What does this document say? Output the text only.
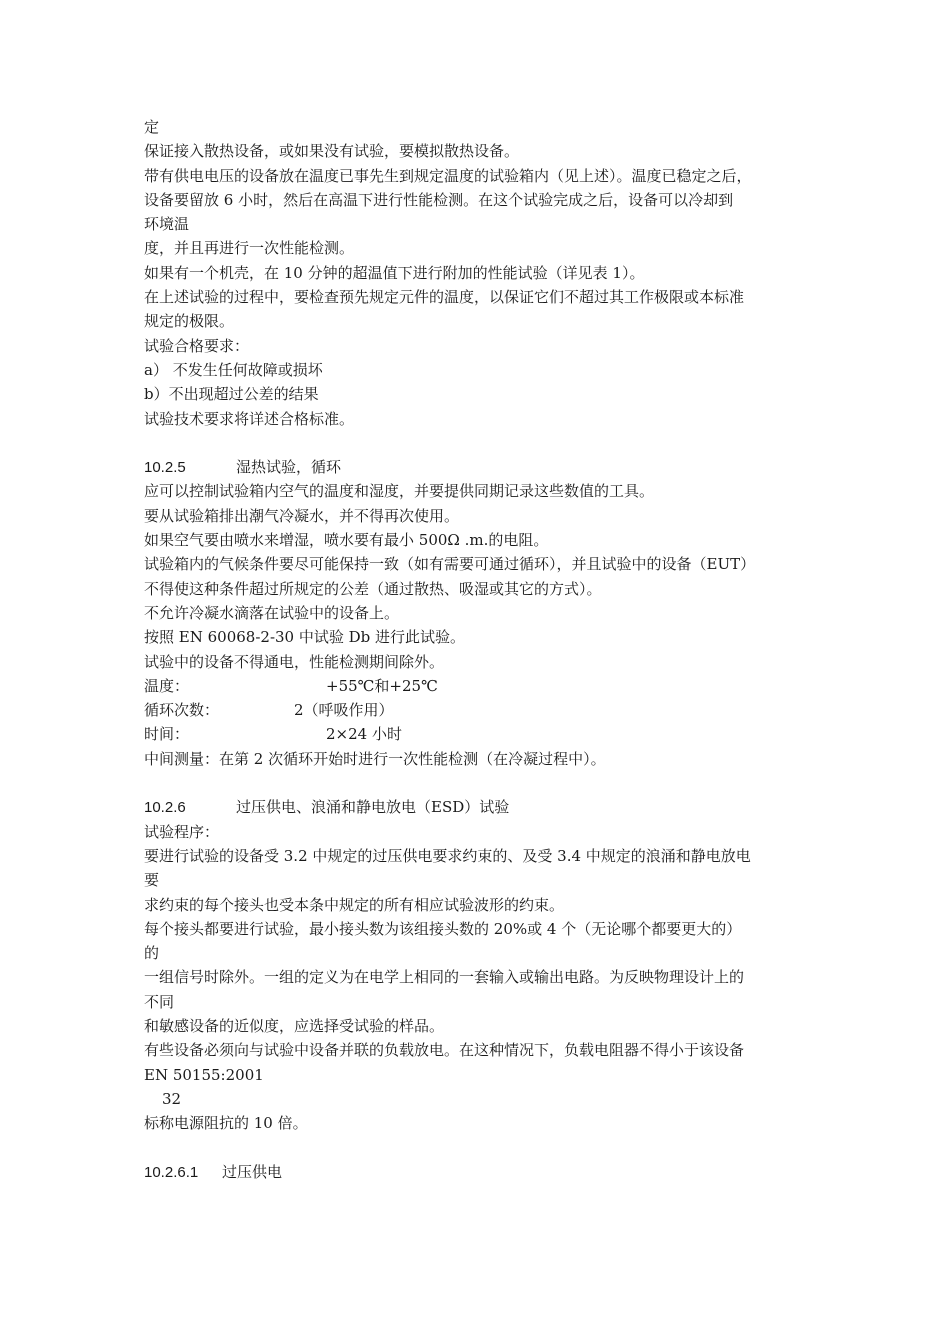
定
保证接入散热设备，或如果没有试验，要模拟散热设备。
带有供电电压的设备放在温度已事先生到规定温度的试验箱内（见上述）。温度已稳定之后，
设备要留放 6 小时，然后在高温下进行性能检测。在这个试验完成之后，设备可以冷却到
环境温
度，并且再进行一次性能检测。
如果有一个机壳，在 10 分钟的超温值下进行附加的性能试验（详见表 1）。
在上述试验的过程中，要检查预先规定元件的温度，以保证它们不超过其工作极限或本标准
规定的极限。
试验合格要求：
a） 不发生任何故障或损坏
b）不出现超过公差的结果
试验技术要求将详述合格标准。
10.2.5	湿热试验，循环
应可以控制试验箱内空气的温度和湿度，并要提供同期记录这些数值的工具。
要从试验箱排出潮气冷凝水，并不得再次使用。
如果空气要由喷水来增湿，喷水要有最小 500Ω .m.的电阻。
试验箱内的气候条件要尽可能保持一致（如有需要可通过循环），并且试验中的设备（EUT）
不得使这种条件超过所规定的公差（通过散热、吸湿或其它的方式）。
不允许冷凝水滴落在试验中的设备上。
按照 EN 60068-2-30 中试验 Db 进行此试验。
试验中的设备不得通电，性能检测期间除外。
温度：	+55℃和+25℃
循环次数：	2（呼吸作用）
时间：	2×24 小时
中间测量：在第 2 次循环开始时进行一次性能检测（在冷凝过程中）。
10.2.6	过压供电、浪涌和静电放电（ESD）试验
试验程序：
要进行试验的设备受 3.2 中规定的过压供电要求约束的、及受 3.4 中规定的浪涌和静电放电
要
求约束的每个接头也受本条中规定的所有相应试验波形的约束。
每个接头都要进行试验，最小接头数为该组接头数的 20%或 4 个（无论哪个都要更大的）
的
一组信号时除外。一组的定义为在电学上相同的一套输入或输出电路。为反映物理设计上的
不同
和敏感设备的近似度，应选择受试验的样品。
有些设备必须向与试验中设备并联的负载放电。在这种情况下，负载电阻器不得小于该设备
EN 50155:2001
32
标称电源阻抗的 10 倍。
10.2.6.1 过压供电
